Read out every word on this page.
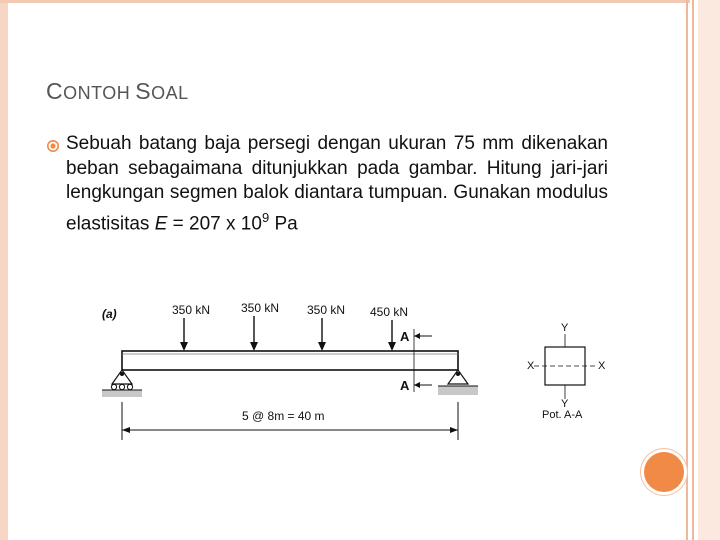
CONTOH SOAL
Sebuah batang baja persegi dengan ukuran 75 mm dikenakan beban sebagaimana ditunjukkan pada gambar. Hitung jari-jari lengkungan segmen balok diantara tumpuan. Gunakan modulus elastisitas E = 207 x $10^9$ Pa
(a)	350 kN	350 kN 350 kN 450 kN
A
A
5 @ 8m = 40 m
Y
X	X
Y
Pot. A-A
